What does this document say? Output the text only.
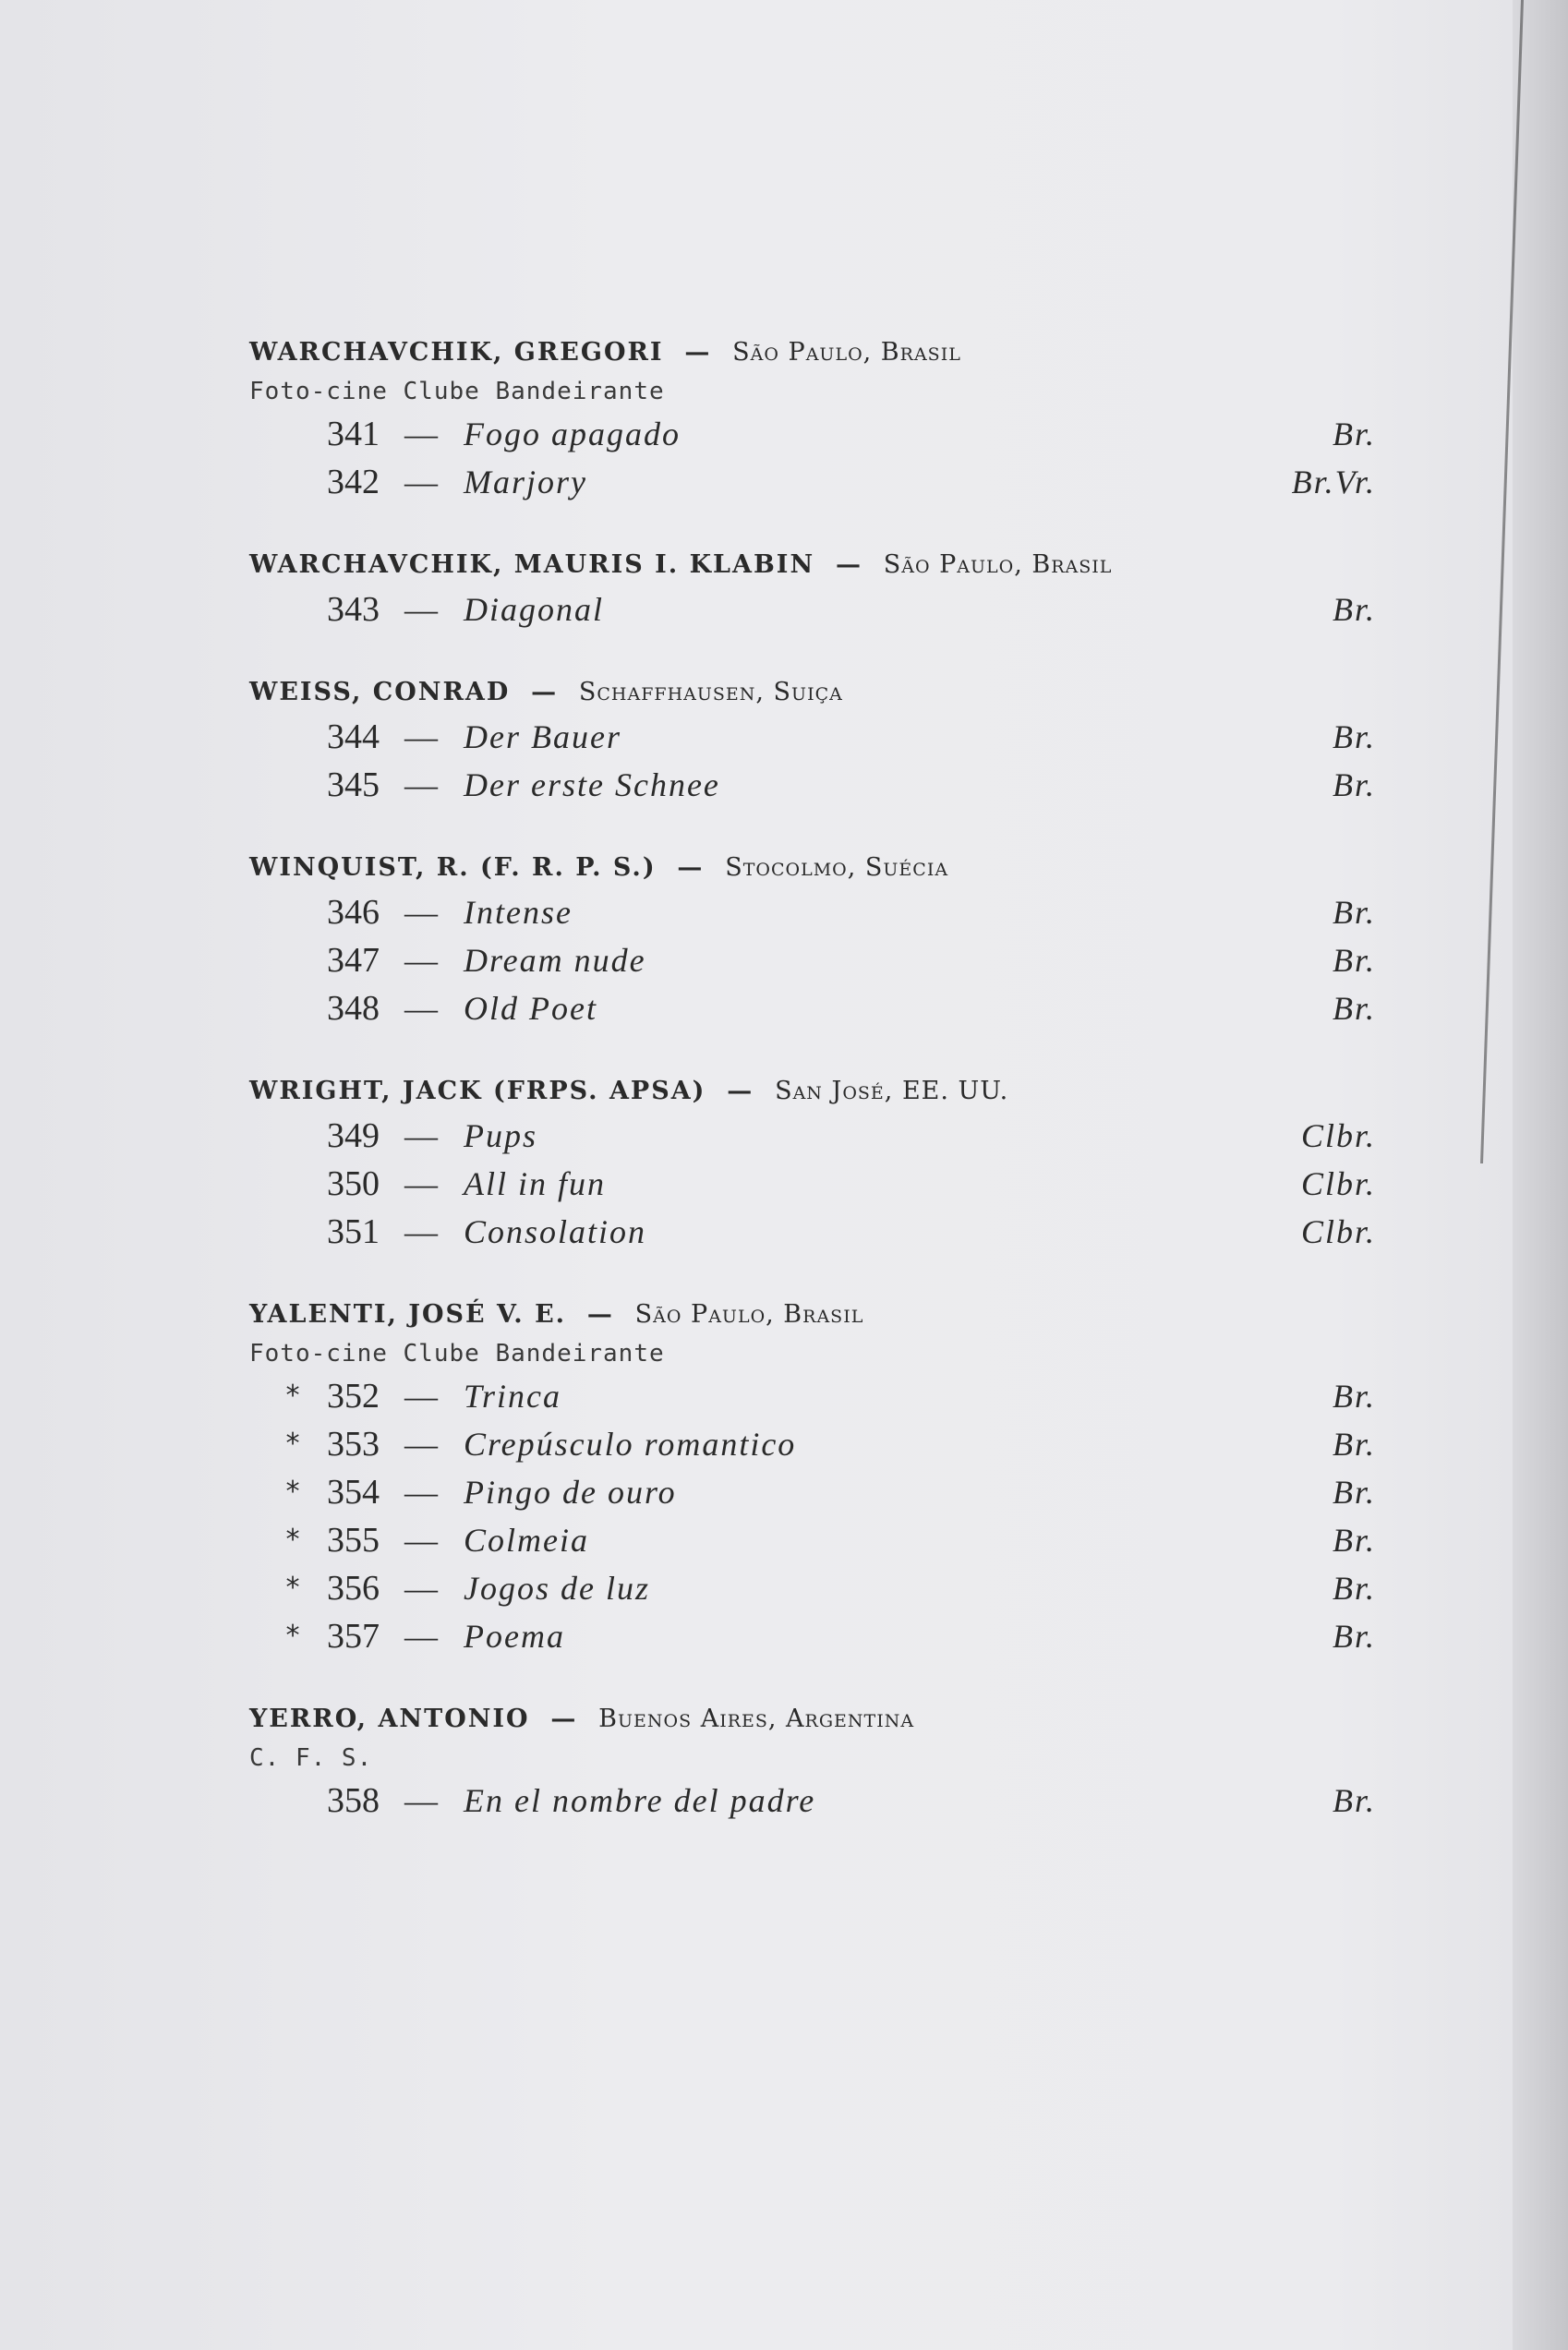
WARCHAVCHIK, GREGORI — São Paulo, Brasil
Foto-cine Clube Bandeirante
341 — Fogo apagado	Br.
342 — Marjory	Br.Vr.
WARCHAVCHIK, MAURIS I. KLABIN — São Paulo, Brasil
343 — Diagonal	Br.
WEISS, CONRAD — Schaffhausen, Suiça
344 — Der Bauer	Br.
345 — Der erste Schnee	Br.
WINQUIST, R. (F. R. P. S.) — Stocolmo, Suécia
346 — Intense	Br.
347 — Dream nude	Br.
348 — Old Poet	Br.
WRIGHT, JACK (FRPS. APSA) — San José, EE. UU.
349 — Pups	Clbr.
350 — All in fun	Clbr.
351 — Consolation	Clbr.
YALENTI, JOSÉ V. E. — São Paulo, Brasil
Foto-cine Clube Bandeirante
* 352 — Trinca	Br.
* 353 — Crepúsculo romantico	Br.
* 354 — Pingo de ouro	Br.
* 355 — Colmeia	Br.
* 356 — Jogos de luz	Br.
* 357 — Poema	Br.
YERRO, ANTONIO — Buenos Aires, Argentina
C. F. S.
358 — En el nombre del padre	Br.
